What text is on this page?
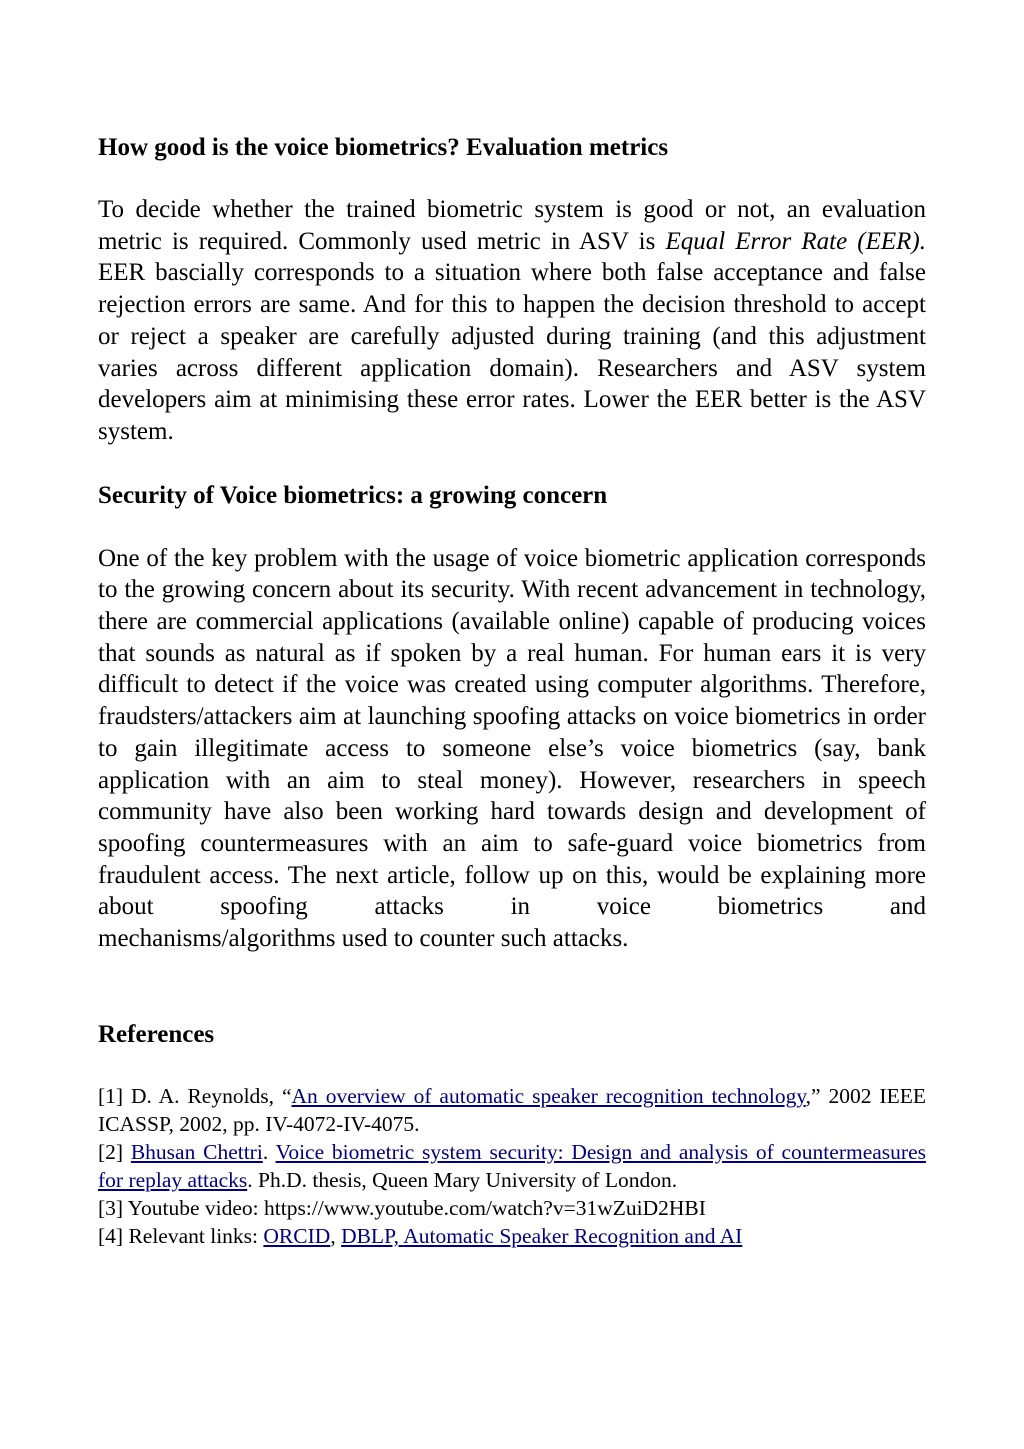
How good is the voice biometrics? Evaluation metrics

To decide whether the trained biometric system is good or not, an evaluation metric is required. Commonly used metric in ASV is Equal Error Rate (EER). EER bascially corresponds to a situation where both false acceptance and false rejection errors are same. And for this to happen the decision threshold to accept or reject a speaker are carefully adjusted during training (and this adjustment varies across different application domain). Researchers and ASV system developers aim at minimising these error rates. Lower the EER better is the ASV system.

Security of Voice biometrics: a growing concern

One of the key problem with the usage of voice biometric application corresponds to the growing concern about its security. With recent advancement in technology, there are commercial applications (available online) capable of producing voices that sounds as natural as if spoken by a real human. For human ears it is very difficult to detect if the voice was created using computer algorithms. Therefore, fraudsters/attackers aim at launching spoofing attacks on voice biometrics in order to gain illegitimate access to someone else’s voice biometrics (say, bank application with an aim to steal money). However, researchers in speech community have also been working hard towards design and development of spoofing countermeasures with an aim to safe-guard voice biometrics from fraudulent access. The next article, follow up on this, would be explaining more about spoofing attacks in voice biometrics and

mechanisms/algorithms used to counter such attacks.

References

[1] D. A. Reynolds, “An overview of automatic speaker recognition technology,” 2002 IEEE ICASSP, 2002, pp. IV-4072-IV-4075.

[2] Bhusan Chettri. Voice biometric system security: Design and analysis of countermeasures for replay attacks. Ph.D. thesis, Queen Mary University of London.

[3] Youtube video: https://www.youtube.com/watch?v=31wZuiD2HBI

[4] Relevant links: ORCID, DBLP, Automatic Speaker Recognition and AI
